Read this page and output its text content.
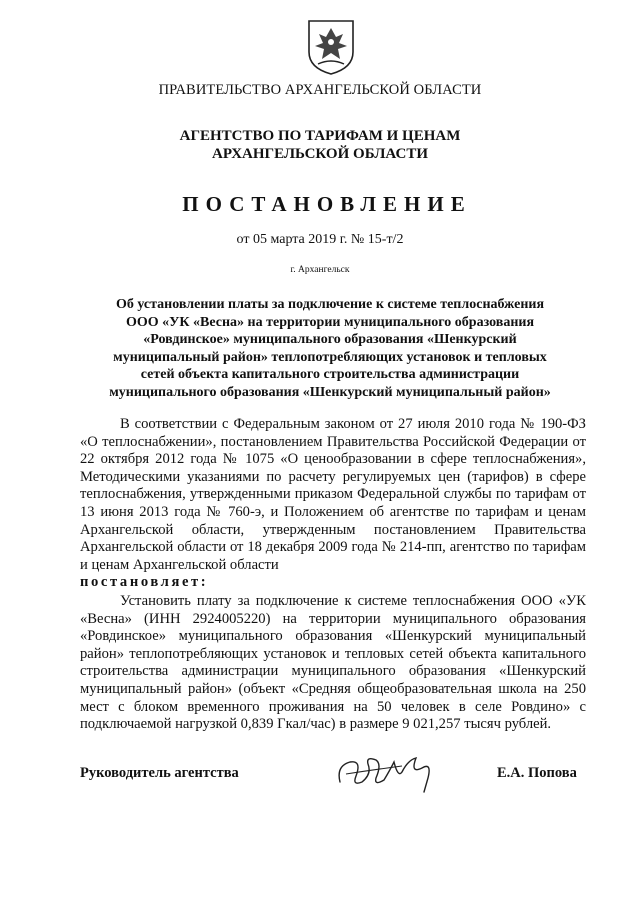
ПРАВИТЕЛЬСТВО АРХАНГЕЛЬСКОЙ ОБЛАСТИ
АГЕНТСТВО ПО ТАРИФАМ И ЦЕНАМ
АРХАНГЕЛЬСКОЙ ОБЛАСТИ
ПОСТАНОВЛЕНИЕ
от 05 марта 2019 г. № 15-т/2
г. Архангельск
Об установлении платы за подключение к системе теплоснабжения
ООО «УК «Весна» на территории муниципального образования
«Ровдинское» муниципального образования «Шенкурский
муниципальный район» теплопотребляющих установок и тепловых
сетей объекта капитального строительства администрации
муниципального образования «Шенкурский муниципальный район»

В соответствии с Федеральным законом от 27 июля 2010 года № 190-ФЗ «О теплоснабжении», постановлением Правительства Российской Федерации от 22 октября 2012 года № 1075 «О ценообразовании в сфере теплоснабжения», Методическими указаниями по расчету регулируемых цен (тарифов) в сфере теплоснабжения, утвержденными приказом Федеральной службы по тарифам от 13 июня 2013 года № 760-э, и Положением об агентстве по тарифам и ценам Архангельской области, утвержденным постановлением Правительства Архангельской области от 18 декабря 2009 года № 214-пп, агентство по тарифам и ценам Архангельской области

постановляет:

Установить плату за подключение к системе теплоснабжения ООО «УК «Весна» (ИНН 2924005220) на территории муниципального образования «Ровдинское» муниципального образования «Шенкурский муниципальный район» теплопотребляющих установок и тепловых сетей объекта капитального строительства администрации муниципального образования «Шенкурский муниципальный район» (объект «Средняя общеобразовательная школа на 250 мест с блоком временного проживания на 50 человек в селе Ровдино» с подключаемой нагрузкой 0,839 Гкал/час) в размере 9 021,257 тысяч рублей.

Руководитель агентства	Е.А. Попова
